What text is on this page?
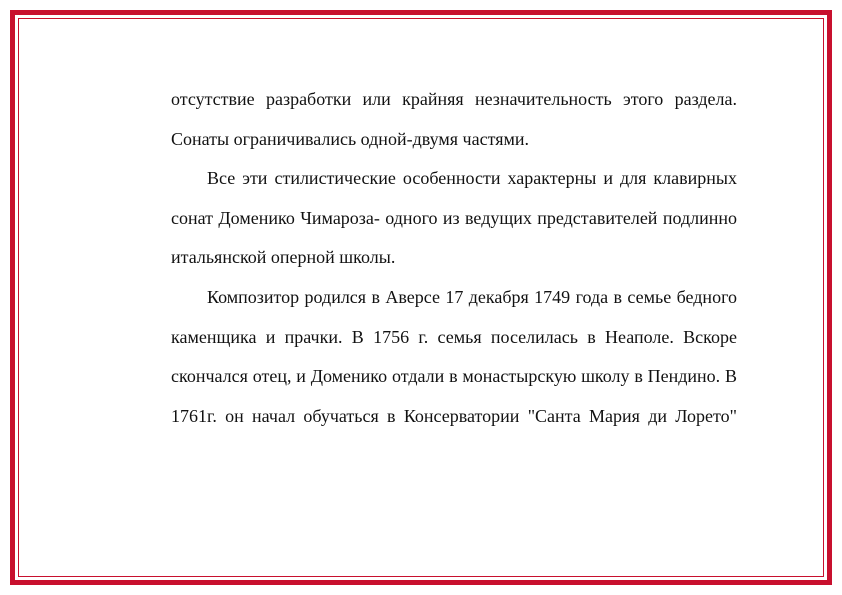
отсутствие разработки или крайняя незначительность этого раздела. Сонаты ограничивались одной-двумя частями.

Все эти стилистические особенности характерны и для клавирных сонат Доменико Чимароза- одного из ведущих представителей подлинно итальянской оперной школы.

Композитор родился в Аверсе 17 декабря 1749 года в семье бедного каменщика и прачки. В 1756 г. семья поселилась в Неаполе. Вскоре скончался отец, и Доменико отдали в монастырскую школу в Пендино. В 1761г. он начал обучаться в Консерватории "Санта Мария ди Лорето"
